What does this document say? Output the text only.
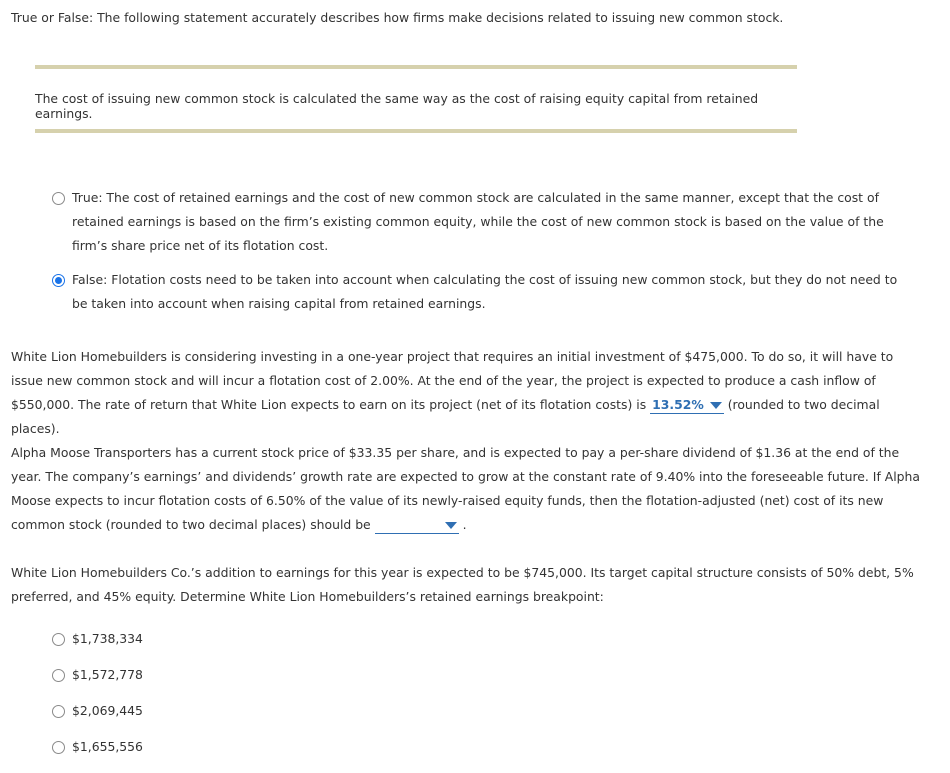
True or False: The following statement accurately describes how firms make decisions related to issuing new common stock.
The cost of issuing new common stock is calculated the same way as the cost of raising equity capital from retained earnings.
True: The cost of retained earnings and the cost of new common stock are calculated in the same manner, except that the cost of retained earnings is based on the firm’s existing common equity, while the cost of new common stock is based on the value of the firm’s share price net of its flotation cost.
False: Flotation costs need to be taken into account when calculating the cost of issuing new common stock, but they do not need to be taken into account when raising capital from retained earnings.
White Lion Homebuilders is considering investing in a one-year project that requires an initial investment of $475,000. To do so, it will have to issue new common stock and will incur a flotation cost of 2.00%. At the end of the year, the project is expected to produce a cash inflow of $550,000. The rate of return that White Lion expects to earn on its project (net of its flotation costs) is 13.52% (rounded to two decimal places).
Alpha Moose Transporters has a current stock price of $33.35 per share, and is expected to pay a per-share dividend of $1.36 at the end of the year. The company’s earnings’ and dividends’ growth rate are expected to grow at the constant rate of 9.40% into the foreseeable future. If Alpha Moose expects to incur flotation costs of 6.50% of the value of its newly-raised equity funds, then the flotation-adjusted (net) cost of its new common stock (rounded to two decimal places) should be	.
White Lion Homebuilders Co.’s addition to earnings for this year is expected to be $745,000. Its target capital structure consists of 50% debt, 5% preferred, and 45% equity. Determine White Lion Homebuilders’s retained earnings breakpoint:
$1,738,334
$1,572,778
$2,069,445
$1,655,556
